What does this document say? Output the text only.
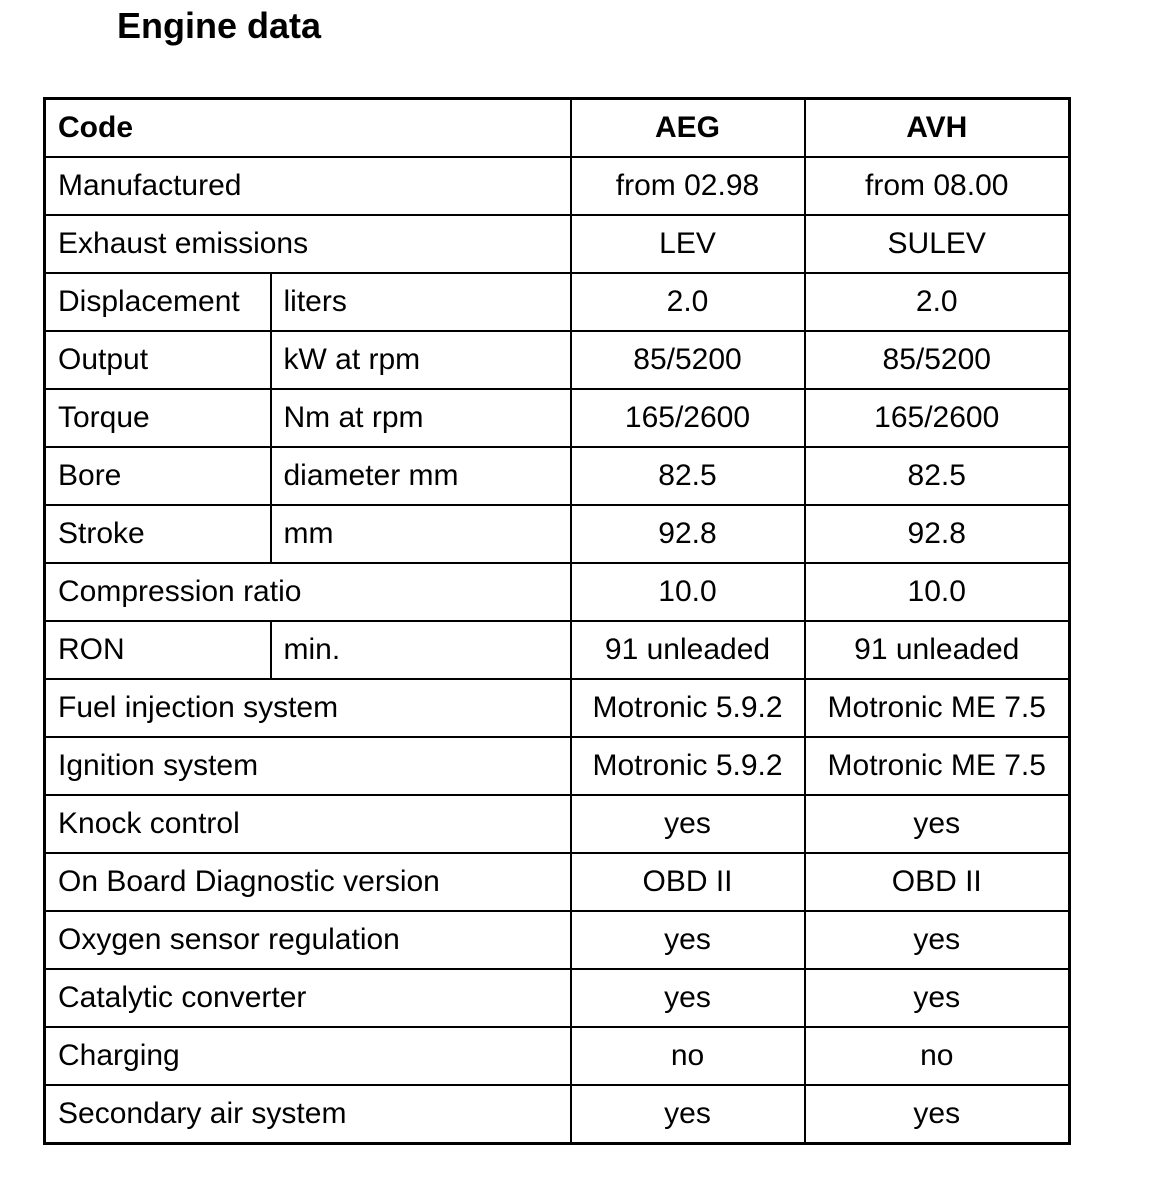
Engine data
Code		AEG	AVH
Manufactured		from 02.98	from 08.00
Exhaust emissions		LEV	SULEV
Displacement	liters	2.0	2.0
Output	kW at rpm	85/5200	85/5200
Torque	Nm at rpm	165/2600	165/2600
Bore	diameter mm	82.5	82.5
Stroke	mm	92.8	92.8
Compression ratio		10.0	10.0
RON	min.	91 unleaded	91 unleaded
Fuel injection system		Motronic 5.9.2	Motronic ME 7.5
Ignition system		Motronic 5.9.2	Motronic ME 7.5
Knock control		yes	yes
On Board Diagnostic version		OBD II	OBD II
Oxygen sensor regulation		yes	yes
Catalytic converter		yes	yes
Charging		no	no
Secondary air system		yes	yes
